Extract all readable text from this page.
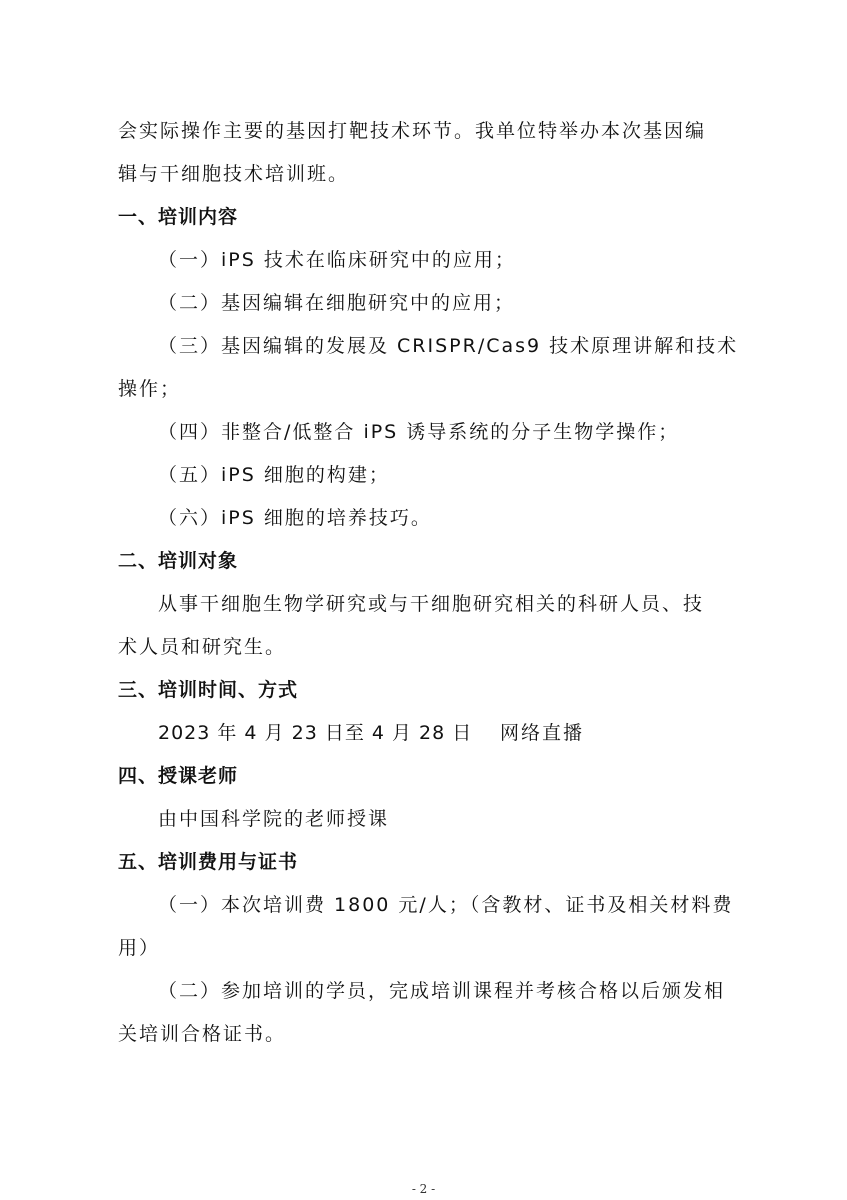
会实际操作主要的基因打靶技术环节。我单位特举办本次基因编

辑与干细胞技术培训班。

一、培训内容

（一）iPS 技术在临床研究中的应用；

（二）基因编辑在细胞研究中的应用；

（三）基因编辑的发展及 CRISPR/Cas9 技术原理讲解和技术

操作；

（四）非整合/低整合 iPS 诱导系统的分子生物学操作；

（五）iPS 细胞的构建；

（六）iPS 细胞的培养技巧。

二、培训对象

从事干细胞生物学研究或与干细胞研究相关的科研人员、技

术人员和研究生。

三、培训时间、方式

2023 年 4 月 23 日至 4 月 28 日 网络直播

四、授课老师

由中国科学院的老师授课

五、培训费用与证书

（一）本次培训费 1800 元/人；（含教材、证书及相关材料费

用）

（二）参加培训的学员，完成培训课程并考核合格以后颁发相

关培训合格证书。

- 2 -
